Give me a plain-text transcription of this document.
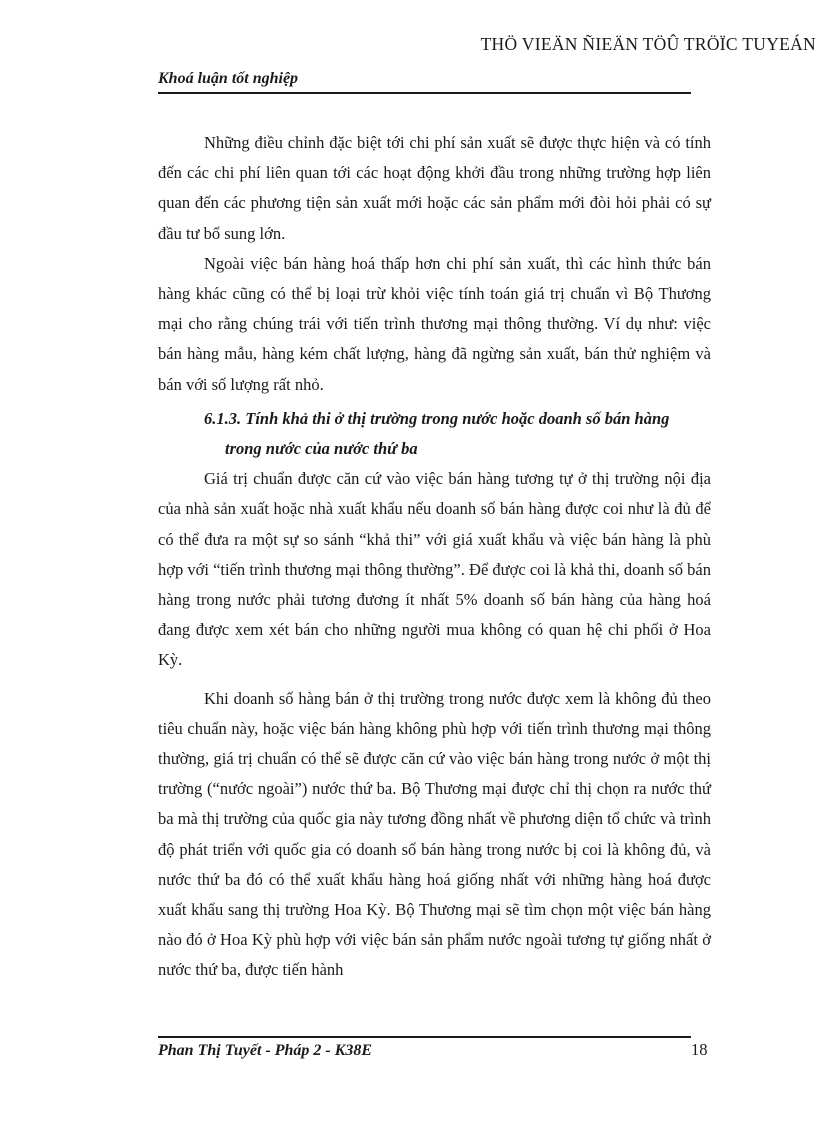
THÖ VIEÄN ÑIEÄN TÖÛ TRÖÏC TUYEÁN
Khoá luận tốt nghiệp

Những điều chỉnh đặc biệt tới chi phí sản xuất sẽ được thực hiện và có tính đến các chi phí liên quan tới các hoạt động khởi đầu trong những trường hợp liên quan đến các phương tiện sản xuất mới hoặc các sản phẩm mới đòi hỏi phải có sự đầu tư bổ sung lớn.

Ngoài việc bán hàng hoá thấp hơn chi phí sản xuất, thì các hình thức bán hàng khác cũng có thể bị loại trừ khỏi việc tính toán giá trị chuẩn vì Bộ Thương mại cho rằng chúng trái với tiến trình thương mại thông thường. Ví dụ như: việc bán hàng mẫu, hàng kém chất lượng, hàng đã ngừng sản xuất, bán thử nghiệm và bán với số lượng rất nhỏ.

6.1.3. Tính khả thi ở thị trường trong nước hoặc doanh số bán hàng
trong nước của nước thứ ba

Giá trị chuẩn được căn cứ vào việc bán hàng tương tự ở thị trường nội địa của nhà sản xuất hoặc nhà xuất khẩu nếu doanh số bán hàng được coi như là đủ để có thể đưa ra một sự so sánh “khả thi” với giá xuất khẩu và việc bán hàng là phù hợp với “tiến trình thương mại thông thường”. Để được coi là khả thi, doanh số bán hàng trong nước phải tương đương ít nhất 5% doanh số bán hàng của hàng hoá đang được xem xét bán cho những người mua không có quan hệ chi phối ở Hoa Kỳ.

Khi doanh số hàng bán ở thị trường trong nước được xem là không đủ theo tiêu chuẩn này, hoặc việc bán hàng không phù hợp với tiến trình thương mại thông thường, giá trị chuẩn có thể sẽ được căn cứ vào việc bán hàng trong nước ở một thị trường (“nước ngoài”) nước thứ ba. Bộ Thương mại được chỉ thị chọn ra nước thứ ba mà thị trường của quốc gia này tương đồng nhất về phương diện tổ chức và trình độ phát triển với quốc gia có doanh số bán hàng trong nước bị coi là không đủ, và nước thứ ba đó có thể xuất khẩu hàng hoá giống nhất với những hàng hoá được xuất khẩu sang thị trường Hoa Kỳ. Bộ Thương mại sẽ tìm chọn một việc bán hàng nào đó ở Hoa Kỳ phù hợp với việc bán sản phẩm nước ngoài tương tự giống nhất ở nước thứ ba, được tiến hành

Phan Thị Tuyết - Pháp 2 - K38E	18
